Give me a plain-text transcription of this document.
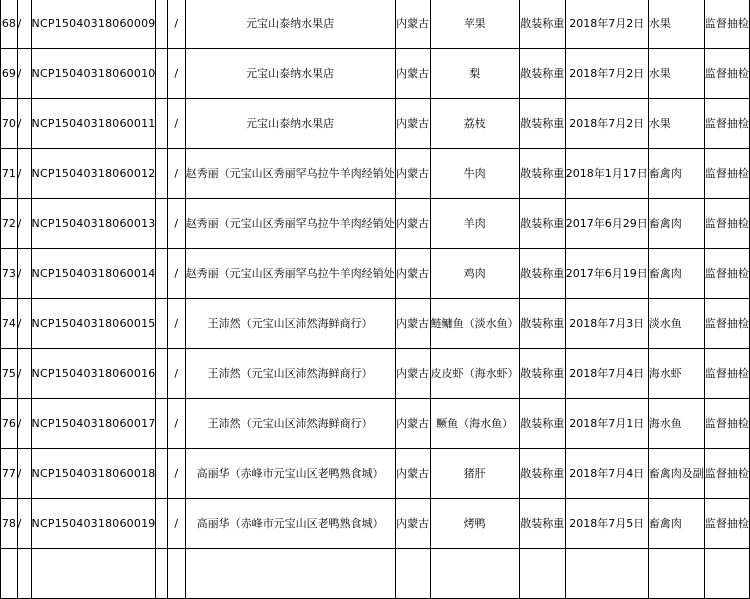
68	/	NCP15040318060009		/	元宝山泰纳水果店	内蒙古	苹果	散装称重	2018年7月2日	水果	监督抽检
69	/	NCP15040318060010		/	元宝山泰纳水果店	内蒙古	梨	散装称重	2018年7月2日	水果	监督抽检
70	/	NCP15040318060011		/	元宝山泰纳水果店	内蒙古	荔枝	散装称重	2018年7月2日	水果	监督抽检
71	/	NCP15040318060012		/	赵秀丽（元宝山区秀丽罕乌拉牛羊肉经销处	内蒙古	牛肉	散装称重	2018年1月17日	畜禽肉	监督抽检
72	/	NCP15040318060013		/	赵秀丽（元宝山区秀丽罕乌拉牛羊肉经销处	内蒙古	羊肉	散装称重	2017年6月29日	畜禽肉	监督抽检
73	/	NCP15040318060014		/	赵秀丽（元宝山区秀丽罕乌拉牛羊肉经销处	内蒙古	鸡肉	散装称重	2017年6月19日	畜禽肉	监督抽检
74	/	NCP15040318060015		/	王沛然（元宝山区沛然海鲜商行）	内蒙古	鲢鳙鱼（淡水鱼）	散装称重	2018年7月3日	淡水鱼	监督抽检
75	/	NCP15040318060016		/	王沛然（元宝山区沛然海鲜商行）	内蒙古	皮皮虾（海水虾）	散装称重	2018年7月4日	海水虾	监督抽检
76	/	NCP15040318060017		/	王沛然（元宝山区沛然海鲜商行）	内蒙古	鳜鱼（海水鱼）	散装称重	2018年7月1日	海水鱼	监督抽检
77	/	NCP15040318060018		/	高丽华（赤峰市元宝山区老鸭熟食城）	内蒙古	猪肝	散装称重	2018年7月4日	畜禽肉及副	监督抽检
78	/	NCP15040318060019		/	高丽华（赤峰市元宝山区老鸭熟食城）	内蒙古	烤鸭	散装称重	2018年7月5日	畜禽肉	监督抽检
